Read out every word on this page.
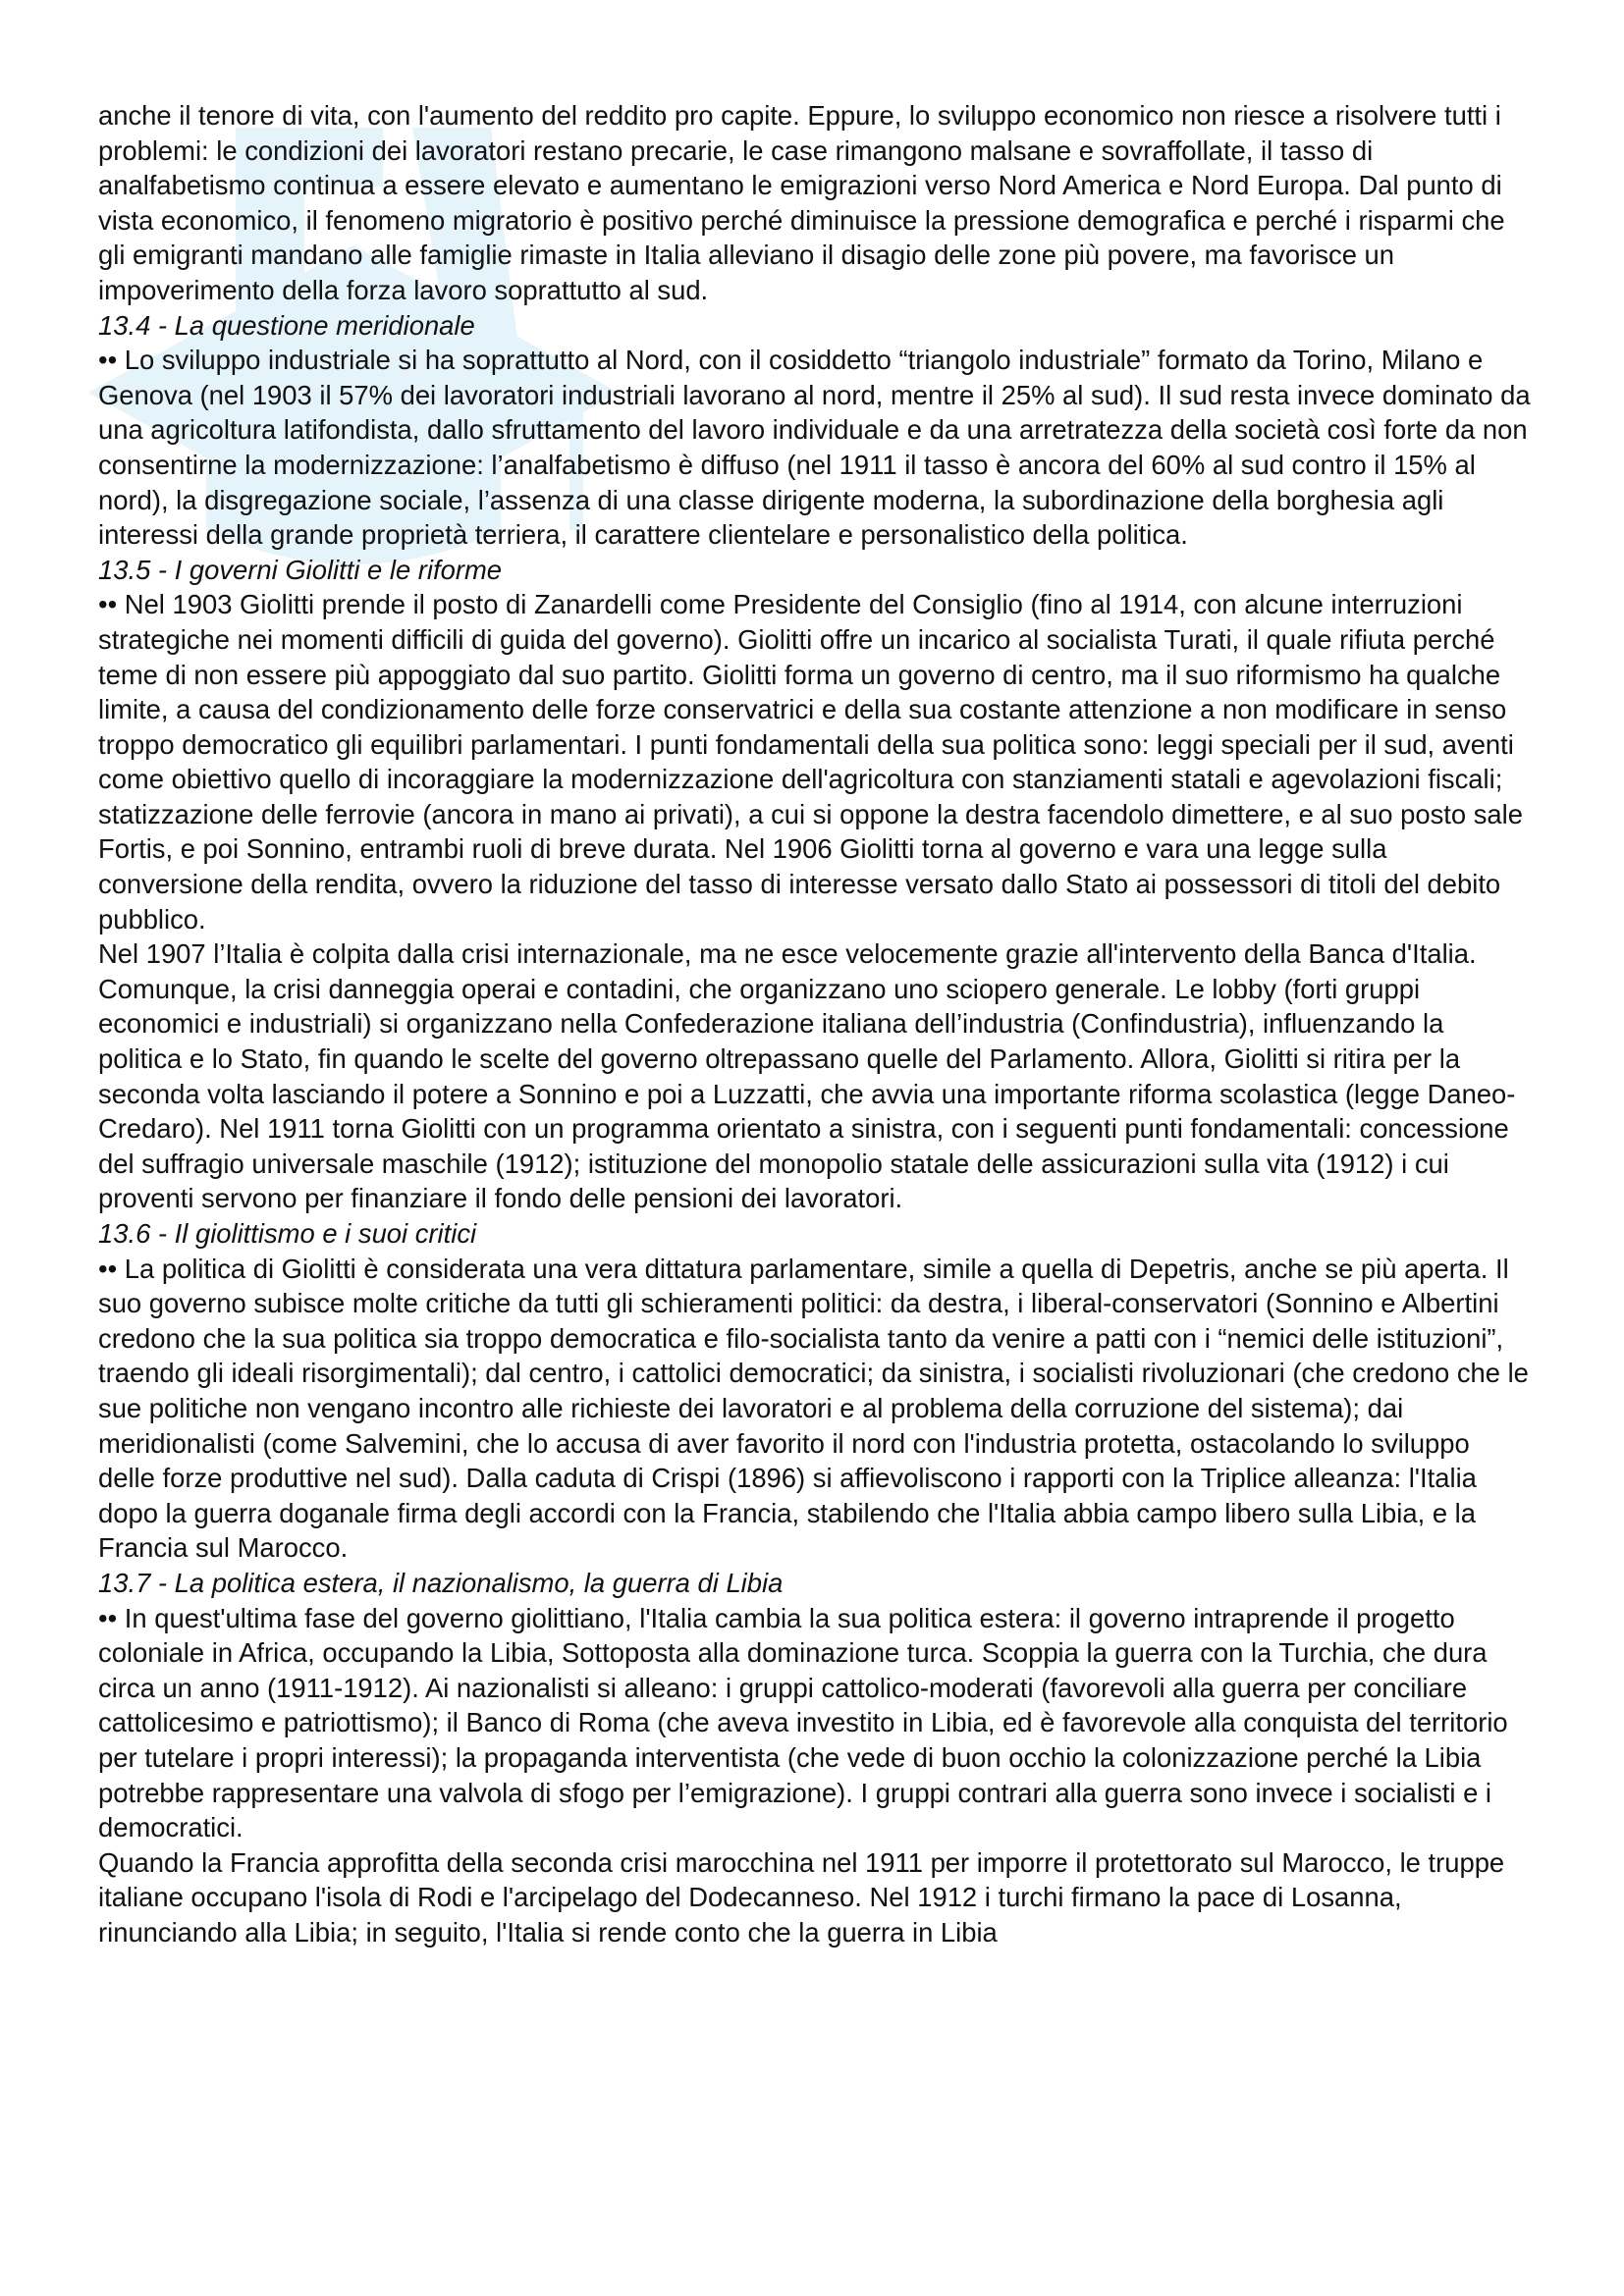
anche il tenore di vita, con l'aumento del reddito pro capite. Eppure, lo sviluppo economico non riesce a risolvere tutti i problemi: le condizioni dei lavoratori restano precarie, le case rimangono malsane e sovraffollate, il tasso di analfabetismo continua a essere elevato e aumentano le emigrazioni verso Nord America e Nord Europa. Dal punto di vista economico, il fenomeno migratorio è positivo perché diminuisce la pressione demografica e perché i risparmi che gli emigranti mandano alle famiglie rimaste in Italia alleviano il disagio delle zone più povere, ma favorisce un impoverimento della forza lavoro soprattutto al sud.

13.4 - La questione meridionale

•• Lo sviluppo industriale si ha soprattutto al Nord, con il cosiddetto “triangolo industriale” formato da Torino, Milano e Genova (nel 1903 il 57% dei lavoratori industriali lavorano al nord, mentre il 25% al sud). Il sud resta invece dominato da una agricoltura latifondista, dallo sfruttamento del lavoro individuale e da una arretratezza della società così forte da non consentirne la modernizzazione: l’analfabetismo è diffuso (nel 1911 il tasso è ancora del 60% al sud contro il 15% al nord), la disgregazione sociale, l’assenza di una classe dirigente moderna, la subordinazione della borghesia agli interessi della grande proprietà terriera, il carattere clientelare e personalistico della politica.

13.5 - I governi Giolitti e le riforme

•• Nel 1903 Giolitti prende il posto di Zanardelli come Presidente del Consiglio (fino al 1914, con alcune interruzioni strategiche nei momenti difficili di guida del governo). Giolitti offre un incarico al socialista Turati, il quale rifiuta perché teme di non essere più appoggiato dal suo partito. Giolitti forma un governo di centro, ma il suo riformismo ha qualche limite, a causa del condizionamento delle forze conservatrici e della sua costante attenzione a non modificare in senso troppo democratico gli equilibri parlamentari. I punti fondamentali della sua politica sono: leggi speciali per il sud, aventi come obiettivo quello di incoraggiare la modernizzazione dell'agricoltura con stanziamenti statali e agevolazioni fiscali; statizzazione delle ferrovie (ancora in mano ai privati), a cui si oppone la destra facendolo dimettere, e al suo posto sale Fortis, e poi Sonnino, entrambi ruoli di breve durata. Nel 1906 Giolitti torna al governo e vara una legge sulla conversione della rendita, ovvero la riduzione del tasso di interesse versato dallo Stato ai possessori di titoli del debito pubblico.

Nel 1907 l’Italia è colpita dalla crisi internazionale, ma ne esce velocemente grazie all'intervento della Banca d'Italia. Comunque, la crisi danneggia operai e contadini, che organizzano uno sciopero generale. Le lobby (forti gruppi economici e industriali) si organizzano nella Confederazione italiana dell’industria (Confindustria), influenzando la politica e lo Stato, fin quando le scelte del governo oltrepassano quelle del Parlamento. Allora, Giolitti si ritira per la seconda volta lasciando il potere a Sonnino e poi a Luzzatti, che avvia una importante riforma scolastica (legge Daneo-Credaro). Nel 1911 torna Giolitti con un programma orientato a sinistra, con i seguenti punti fondamentali: concessione del suffragio universale maschile (1912); istituzione del monopolio statale delle assicurazioni sulla vita (1912) i cui proventi servono per finanziare il fondo delle pensioni dei lavoratori.

13.6 - Il giolittismo e i suoi critici

•• La politica di Giolitti è considerata una vera dittatura parlamentare, simile a quella di Depetris, anche se più aperta. Il suo governo subisce molte critiche da tutti gli schieramenti politici: da destra, i liberal-conservatori (Sonnino e Albertini credono che la sua politica sia troppo democratica e filo-socialista tanto da venire a patti con i “nemici delle istituzioni”, traendo gli ideali risorgimentali); dal centro, i cattolici democratici; da sinistra, i socialisti rivoluzionari (che credono che le sue politiche non vengano incontro alle richieste dei lavoratori e al problema della corruzione del sistema); dai meridionalisti (come Salvemini, che lo accusa di aver favorito il nord con l'industria protetta, ostacolando lo sviluppo delle forze produttive nel sud). Dalla caduta di Crispi (1896) si affievoliscono i rapporti con la Triplice alleanza: l'Italia dopo la guerra doganale firma degli accordi con la Francia, stabilendo che l'Italia abbia campo libero sulla Libia, e la Francia sul Marocco.

13.7 - La politica estera, il nazionalismo, la guerra di Libia

•• In quest'ultima fase del governo giolittiano, l'Italia cambia la sua politica estera: il governo intraprende il progetto coloniale in Africa, occupando la Libia, Sottoposta alla dominazione turca. Scoppia la guerra con la Turchia, che dura circa un anno (1911-1912). Ai nazionalisti si alleano: i gruppi cattolico-moderati (favorevoli alla guerra per conciliare cattolicesimo e patriottismo); il Banco di Roma (che aveva investito in Libia, ed è favorevole alla conquista del territorio per tutelare i propri interessi); la propaganda interventista (che vede di buon occhio la colonizzazione perché la Libia potrebbe rappresentare una valvola di sfogo per l’emigrazione). I gruppi contrari alla guerra sono invece i socialisti e i democratici.

Quando la Francia approfitta della seconda crisi marocchina nel 1911 per imporre il protettorato sul Marocco, le truppe italiane occupano l'isola di Rodi e l'arcipelago del Dodecanneso. Nel 1912 i turchi firmano la pace di Losanna, rinunciando alla Libia; in seguito, l'Italia si rende conto che la guerra in Libia
